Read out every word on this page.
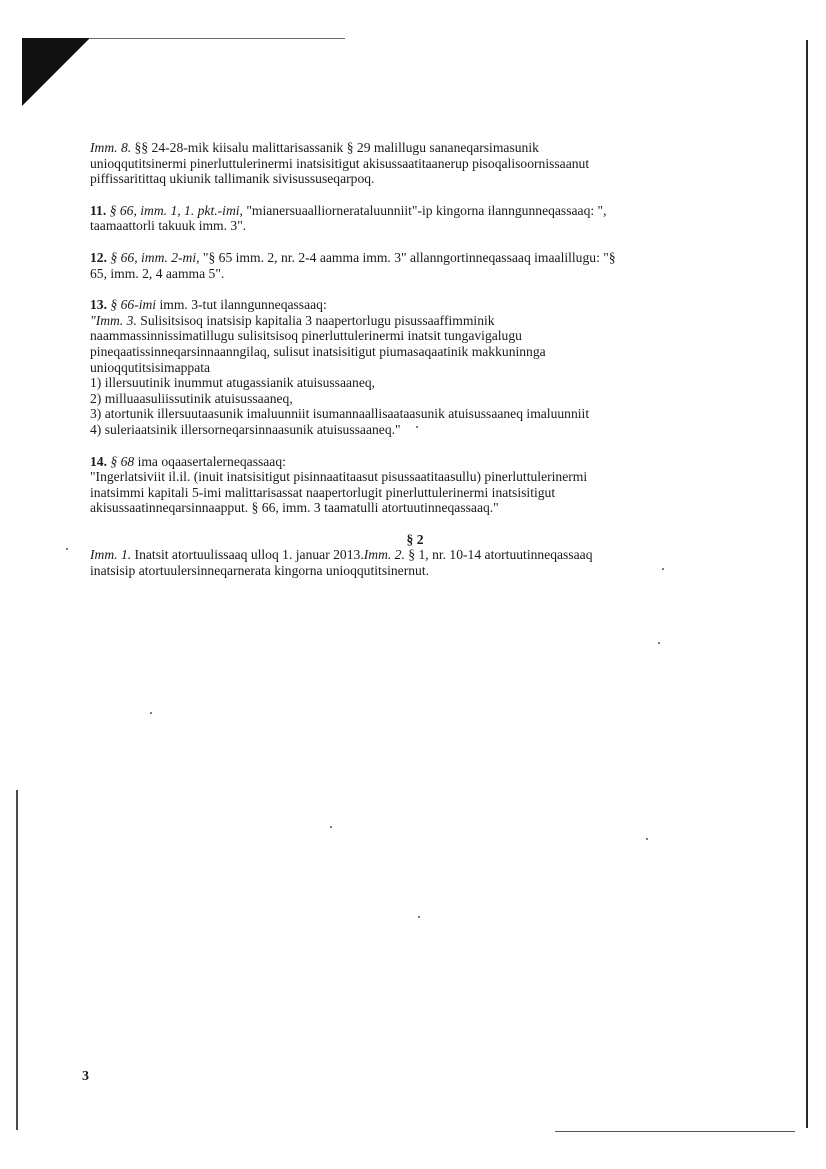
Imm. 8. §§ 24-28-mik kiisalu malittarisassanik § 29 malillugu sananeqarsimasunik

unioqqutitsinermi pinerluttulerinermi inatsisitigut akisussaatitaanerup pisoqalisoornissaanut

piffissaritittaq ukiunik tallimanik sivisussuseqarpoq.

11. § 66, imm. 1, 1. pkt.-imi, "mianersuaalliornerataluunniit"-ip kingorna ilanngunneqassaaq: ",

taamaattorli takuuk imm. 3".

12. § 66, imm. 2-mi, "§ 65 imm. 2, nr. 2-4 aamma imm. 3" allanngortinneqassaaq imaalillugu: "§

65, imm. 2, 4 aamma 5".

13. § 66-imi imm. 3-tut ilanngunneqassaaq:

"Imm. 3. Sulisitsisoq inatsisip kapitalia 3 naapertorlugu pisussaaffimminik

naammassinnissimatillugu sulisitsisoq pinerluttulerinermi inatsit tungavigalugu

pineqaatissinneqarsinnaanngilaq, sulisut inatsisitigut piumasaqaatinik makkuninnga

unioqqutitsisimappata

1) illersuutinik inummut atugassianik atuisussaaneq,

2) milluaasuliissutinik atuisussaaneq,

3) atortunik illersuutaasunik imaluunniit isumannaallisaataasunik atuisussaaneq imaluunniit

4) suleriaatsinik illersorneqarsinnaasunik atuisussaaneq."

14. § 68 ima oqaasertalerneqassaaq:

"Ingerlatsiviit il.il. (inuit inatsisitigut pisinnaatitaasut pisussaatitaasullu) pinerluttulerinermi

inatsimmi kapitali 5-imi malittarisassat naapertorlugit pinerluttulerinermi inatsisitigut

akisussaatinneqarsinnaapput. § 66, imm. 3 taamatulli atortuutinneqassaaq."

§ 2

Imm. 1. Inatsit atortuulissaaq ulloq 1. januar 2013.Imm. 2. § 1, nr. 10-14 atortuutinneqassaaq

inatsisip atortuulersinneqarnerata kingorna unioqqutitsinernut.

3
